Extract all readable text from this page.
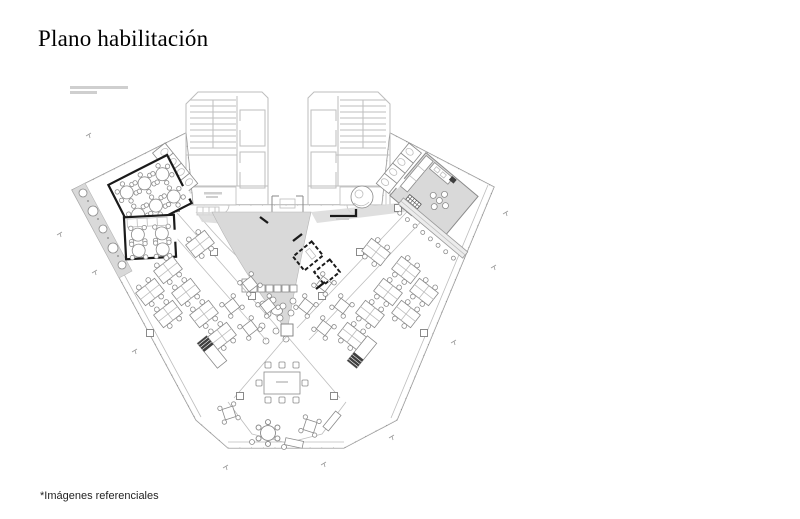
Plano habilitación
*Imágenes referenciales
